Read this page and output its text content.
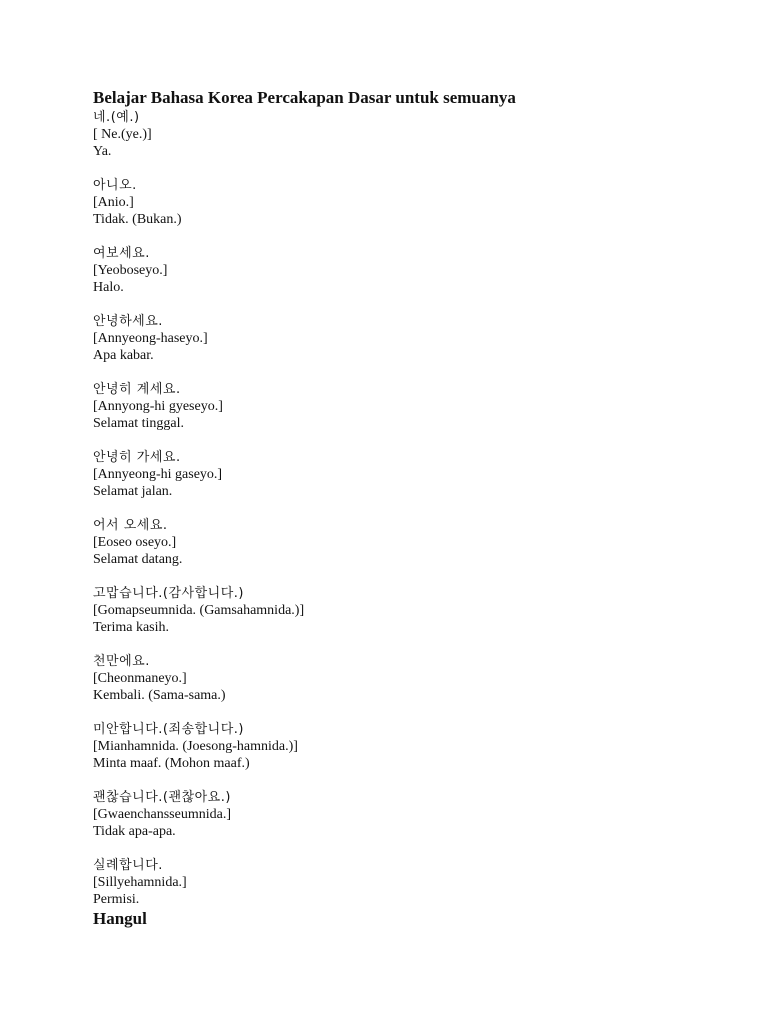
Belajar Bahasa Korea Percakapan Dasar untuk semuanya
네.(예.)
[ Ne.(ye.)]
Ya.
아니오.
[Anio.]
Tidak. (Bukan.)
여보세요.
[Yeoboseyo.]
Halo.
안녕하세요.
[Annyeong-haseyo.]
Apa kabar.
안녕히 계세요.
[Annyong-hi gyeseyo.]
Selamat tinggal.
안녕히 가세요.
[Annyeong-hi gaseyo.]
Selamat jalan.
어서 오세요.
[Eoseo oseyo.]
Selamat datang.
고맙습니다.(감사합니다.)
[Gomapseumnida. (Gamsahamnida.)]
Terima kasih.
천만에요.
[Cheonmaneyo.]
Kembali. (Sama-sama.)
미안합니다.(죄송합니다.)
[Mianhamnida. (Joesong-hamnida.)]
Minta maaf. (Mohon maaf.)
괜찮습니다.(괜찮아요.)
[Gwaenchansseumnida.]
Tidak apa-apa.
실례합니다.
[Sillyehamnida.]
Permisi.
Hangul
